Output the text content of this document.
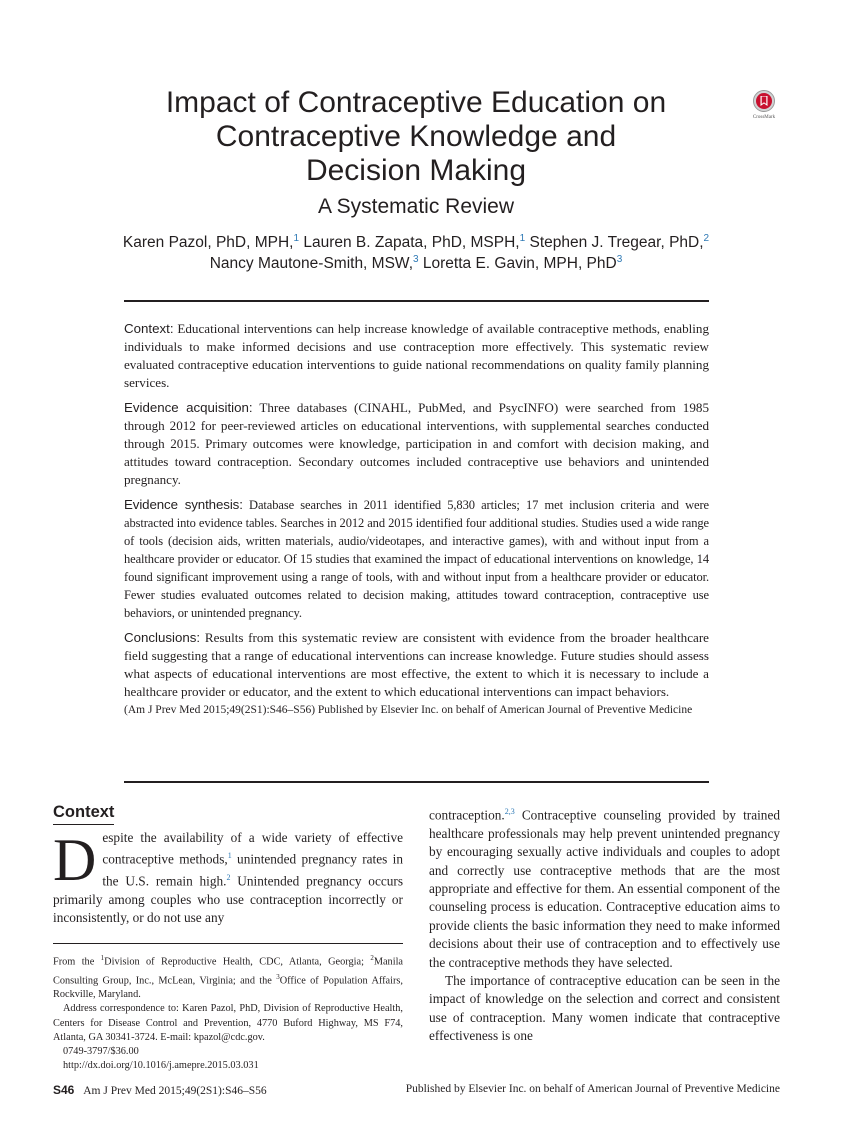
Impact of Contraceptive Education on
Contraceptive Knowledge and
Decision Making
A Systematic Review
Karen Pazol, PhD, MPH,$^1$ Lauren B. Zapata, PhD, MSPH,$^1$ Stephen J. Tregear, PhD,$^2$
Nancy Mautone-Smith, MSW,$^3$ Loretta E. Gavin, MPH, PhD$^3$
CrossMark

Context: Educational interventions can help increase knowledge of available contraceptive methods, enabling individuals to make informed decisions and use contraception more effectively. This systematic review evaluated contraceptive education interventions to guide national recommendations on quality family planning services.

Evidence acquisition: Three databases (CINAHL, PubMed, and PsycINFO) were searched from 1985 through 2012 for peer-reviewed articles on educational interventions, with supplemental searches conducted through 2015. Primary outcomes were knowledge, participation in and comfort with decision making, and attitudes toward contraception. Secondary outcomes included contraceptive use behaviors and unintended pregnancy.

Evidence synthesis: Database searches in 2011 identified 5,830 articles; 17 met inclusion criteria and were abstracted into evidence tables. Searches in 2012 and 2015 identified four additional studies. Studies used a wide range of tools (decision aids, written materials, audio/videotapes, and interactive games), with and without input from a healthcare provider or educator. Of 15 studies that examined the impact of educational interventions on knowledge, 14 found significant improvement using a range of tools, with and without input from a healthcare provider or educator. Fewer studies evaluated outcomes related to decision making, attitudes toward contraception, contraceptive use behaviors, or unintended pregnancy.

Conclusions: Results from this systematic review are consistent with evidence from the broader healthcare field suggesting that a range of educational interventions can increase knowledge. Future studies should assess what aspects of educational interventions are most effective, the extent to which it is necessary to include a healthcare provider or educator, and the extent to which educational interventions can impact behaviors.

(Am J Prev Med 2015;49(2S1):S46–S56) Published by Elsevier Inc. on behalf of American Journal of Preventive Medicine

Context

Despite the availability of a wide variety of effective contraceptive methods,$^1$ unintended pregnancy rates in the U.S. remain high.$^2$ Unintended pregnancy occurs primarily among couples who use contraception incorrectly or inconsistently, or do not use any

From the $^1$Division of Reproductive Health, CDC, Atlanta, Georgia; $^2$Manila Consulting Group, Inc., McLean, Virginia; and the $^3$Office of Population Affairs, Rockville, Maryland.

Address correspondence to: Karen Pazol, PhD, Division of Reproductive Health, Centers for Disease Control and Prevention, 4770 Buford Highway, MS F74, Atlanta, GA 30341-3724. E-mail: kpazol@cdc.gov.

0749-3797/$36.00

http://dx.doi.org/10.1016/j.amepre.2015.03.031

contraception.$^{2,3}$ Contraceptive counseling provided by trained healthcare professionals may help prevent unintended pregnancy by encouraging sexually active individuals and couples to adopt and correctly use contraceptive methods that are the most appropriate and effective for them. An essential component of the counseling process is education. Contraceptive education aims to provide clients the basic information they need to make informed decisions about their use of contraception and to effectively use the contraceptive methods they have selected.

The importance of contraceptive education can be seen in the impact of knowledge on the selection and correct and consistent use of contraception. Many women indicate that contraceptive effectiveness is one

S46 Am J Prev Med 2015;49(2S1):S46–S56	Published by Elsevier Inc. on behalf of American Journal of Preventive Medicine
